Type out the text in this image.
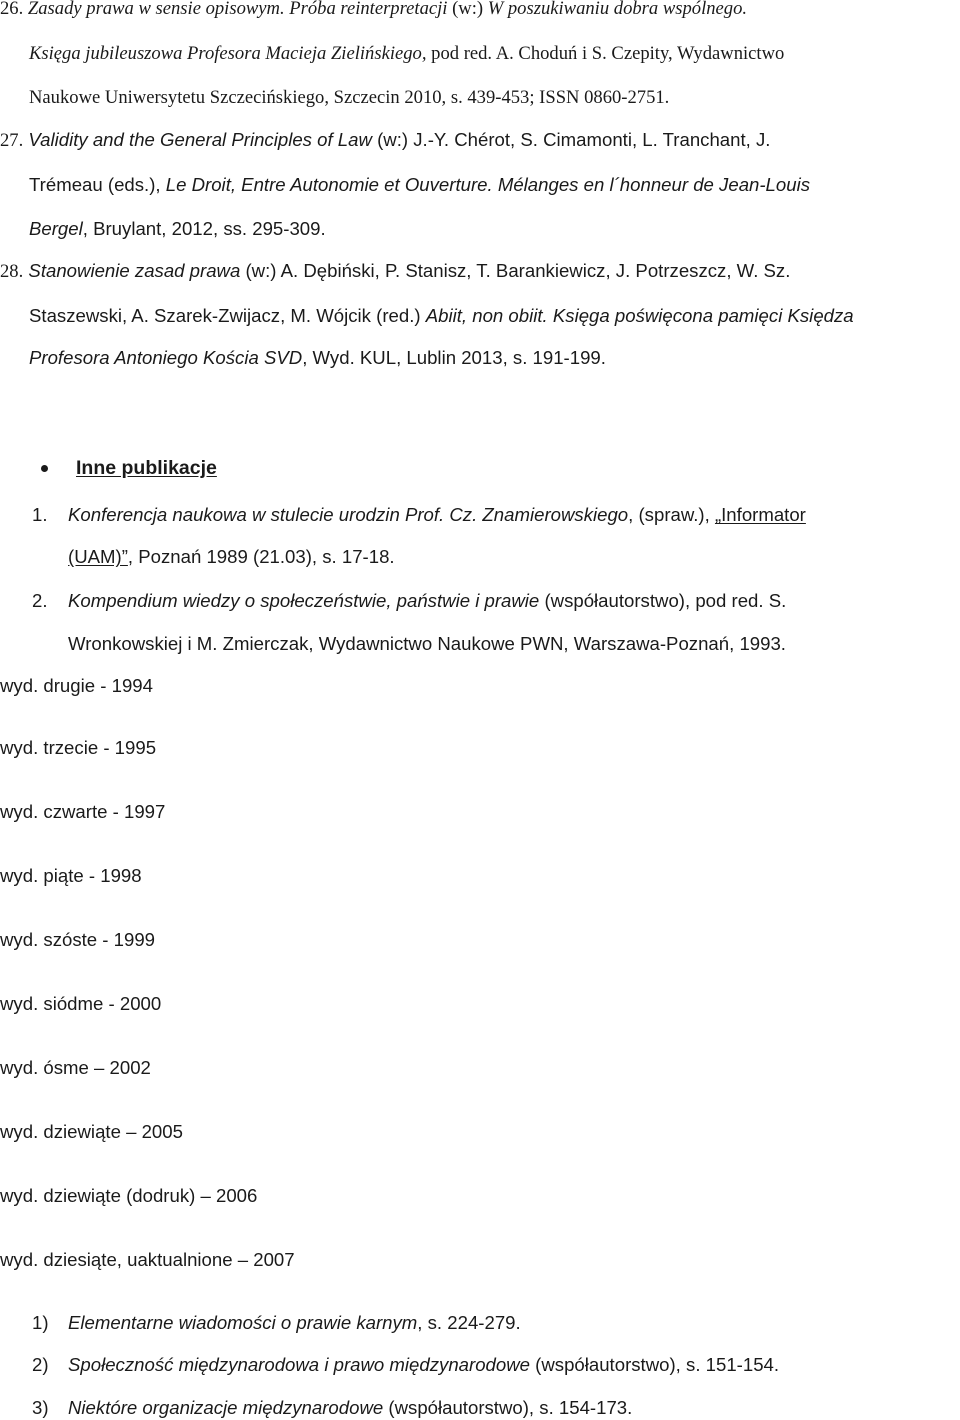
26. Zasady prawa w sensie opisowym. Próba reinterpretacji (w:) W poszukiwaniu dobra wspólnego.
Księga jubileuszowa Profesora Macieja Zielińskiego, pod red. A. Choduń i S. Czepity, Wydawnictwo
Naukowe Uniwersytetu Szczecińskiego, Szczecin 2010, s. 439-453; ISSN 0860-2751.
27. Validity and the General Principles of Law (w:) J.-Y. Chérot, S. Cimamonti, L. Tranchant, J.
Trémeau (eds.), Le Droit, Entre Autonomie et Ouverture. Mélanges en l´honneur de Jean-Louis
Bergel, Bruylant, 2012, ss. 295-309.
28. Stanowienie zasad prawa (w:) A. Dębiński, P. Stanisz, T. Barankiewicz, J. Potrzeszcz, W. Sz.
Staszewski, A. Szarek-Zwijacz, M. Wójcik (red.) Abiit, non obiit. Księga poświęcona pamięci Księdza
Profesora Antoniego Kościa SVD, Wyd. KUL, Lublin 2013, s. 191-199.
Inne publikacje
1. Konferencja naukowa w stulecie urodzin Prof. Cz. Znamierowskiego, (spraw.), „Informator
(UAM)”, Poznań 1989 (21.03), s. 17-18.
2. Kompendium wiedzy o społeczeństwie, państwie i prawie (współautorstwo), pod red. S.
Wronkowskiej i M. Zmierczak, Wydawnictwo Naukowe PWN, Warszawa-Poznań, 1993.
wyd. drugie - 1994
wyd. trzecie - 1995
wyd. czwarte - 1997
wyd. piąte - 1998
wyd. szóste - 1999
wyd. siódme - 2000
wyd. ósme – 2002
wyd. dziewiąte – 2005
wyd. dziewiąte (dodruk) – 2006
wyd. dziesiąte, uaktualnione – 2007
1) Elementarne wiadomości o prawie karnym, s. 224-279.
2) Społeczność międzynarodowa i prawo międzynarodowe (współautorstwo), s. 151-154.
3) Niektóre organizacje międzynarodowe (współautorstwo), s. 154-173.
